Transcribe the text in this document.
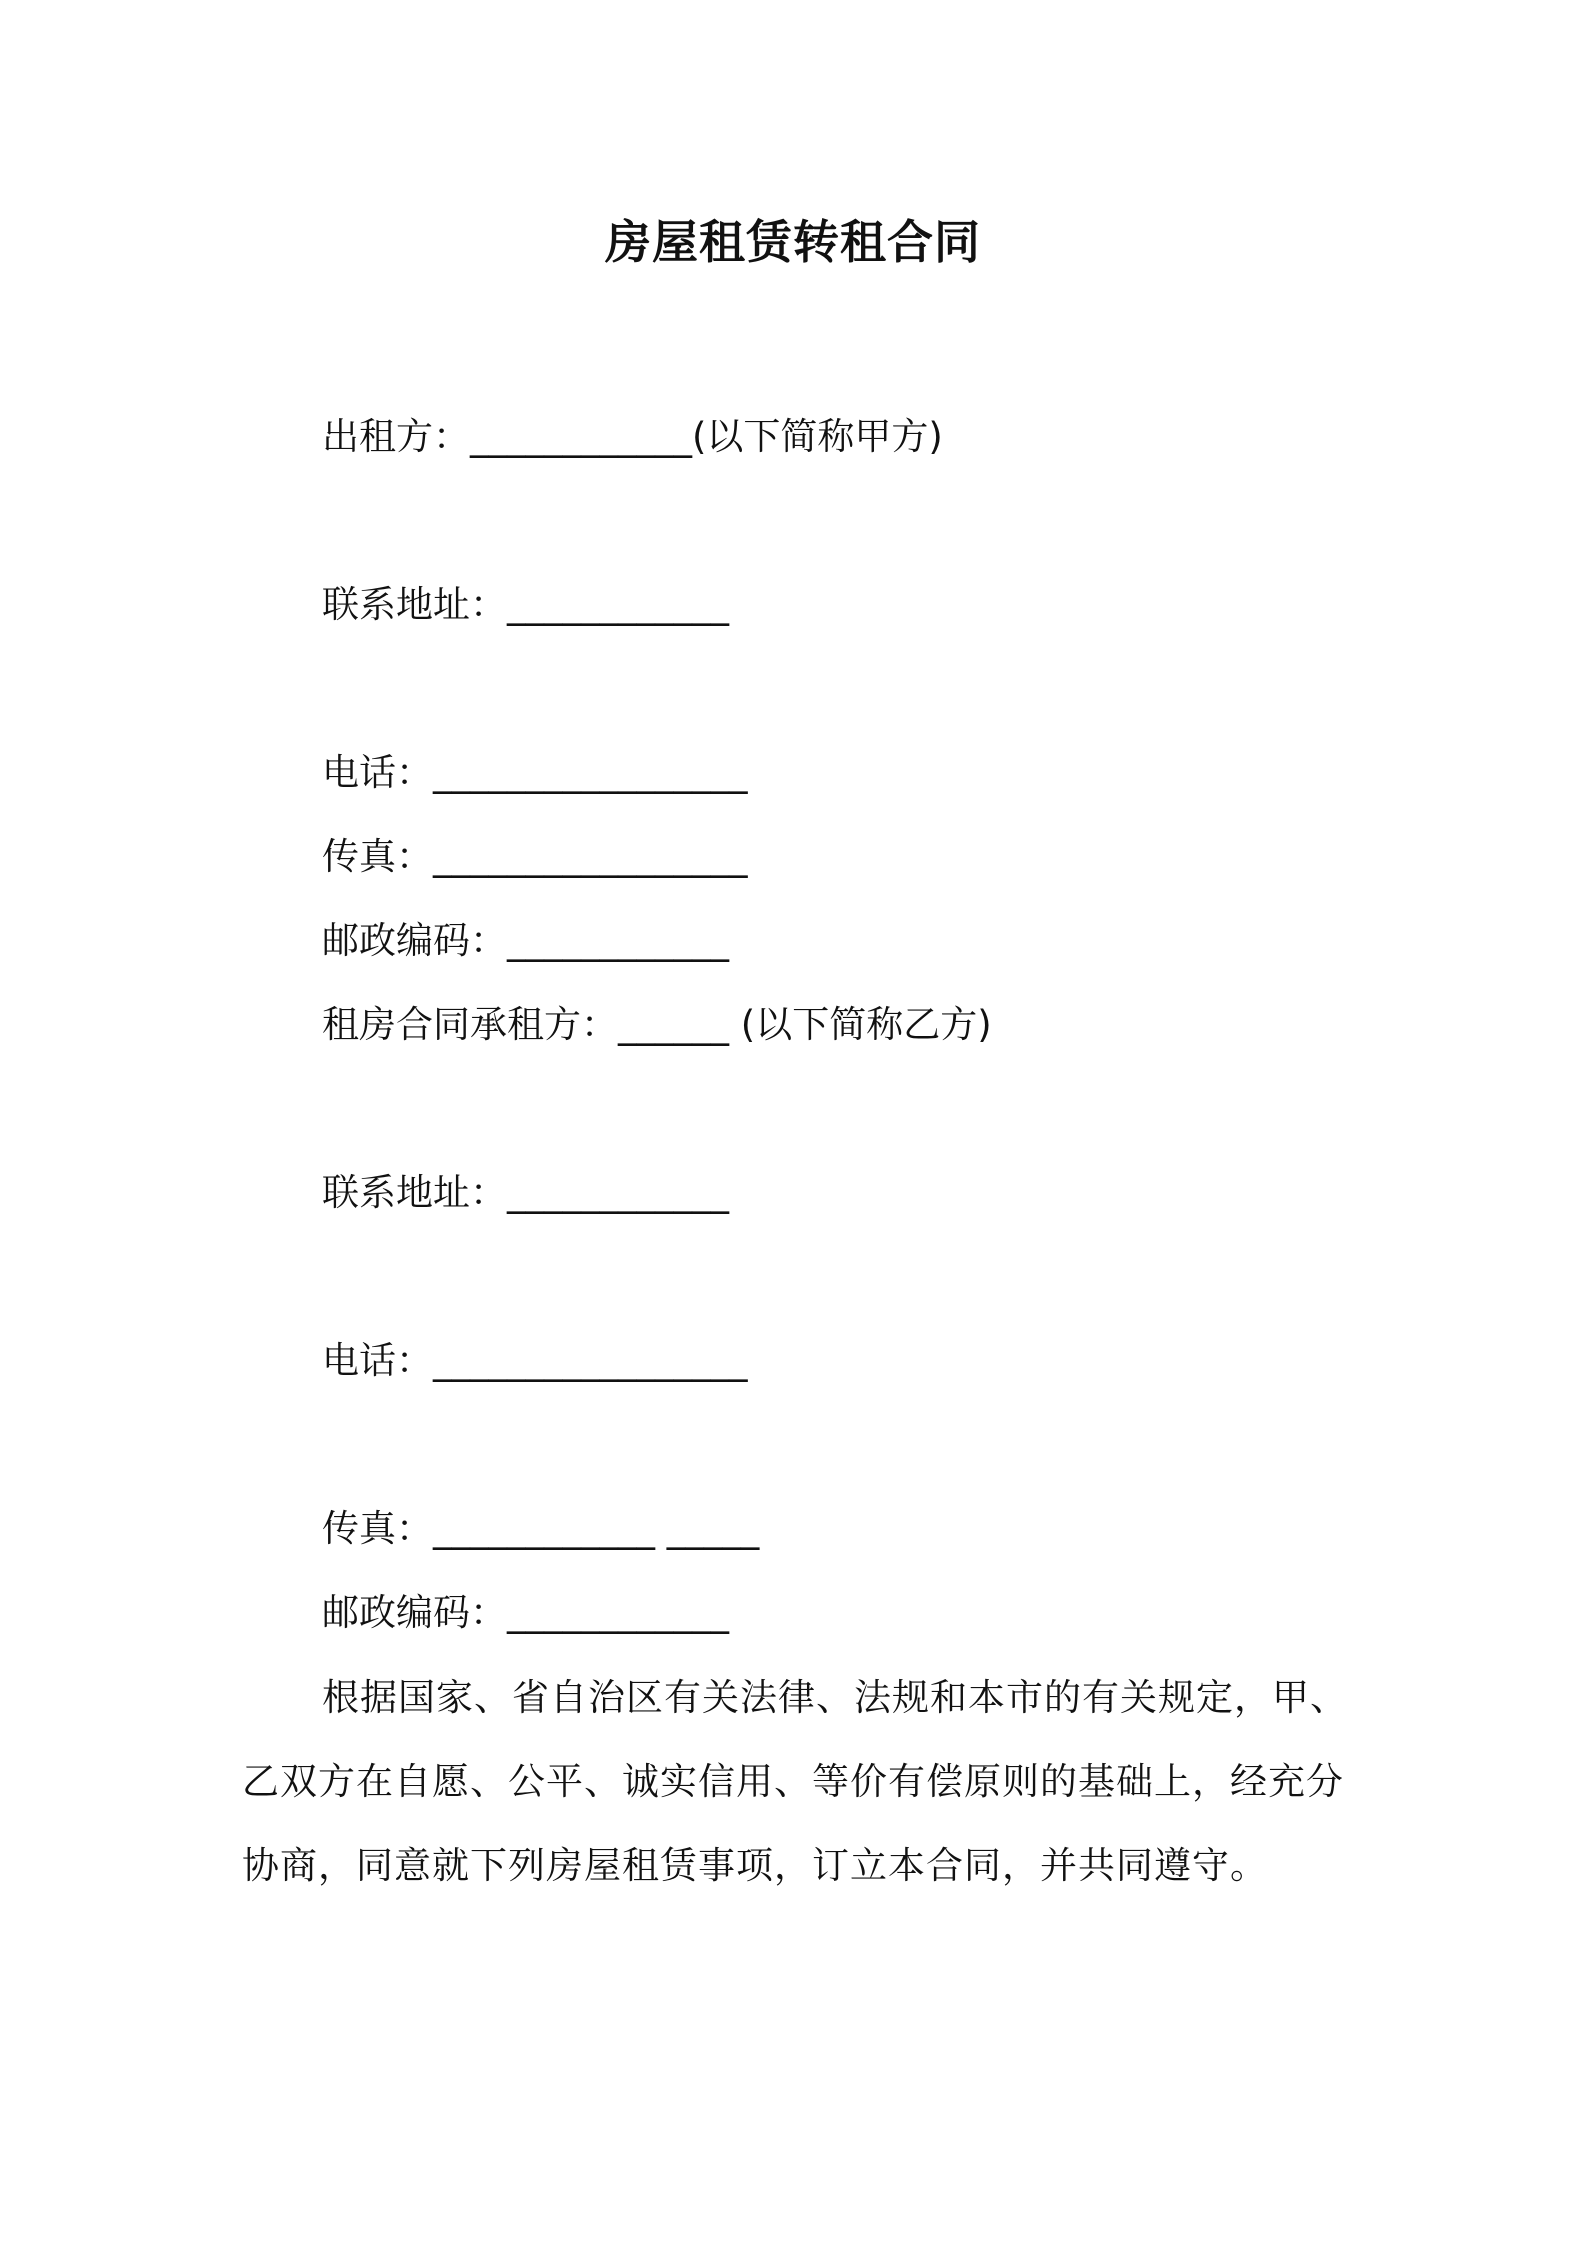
房屋租赁转租合同
出租方：____________(以下简称甲方)
联系地址：____________
电话：_________________
传真：_________________
邮政编码：____________
租房合同承租方：______ (以下简称乙方)
联系地址：____________
电话：_________________
传真：____________ _____
邮政编码：____________
根据国家、省自治区有关法律、法规和本市的有关规定，甲、乙双方在自愿、公平、诚实信用、等价有偿原则的基础上，经充分协商，同意就下列房屋租赁事项，订立本合同，并共同遵守。
